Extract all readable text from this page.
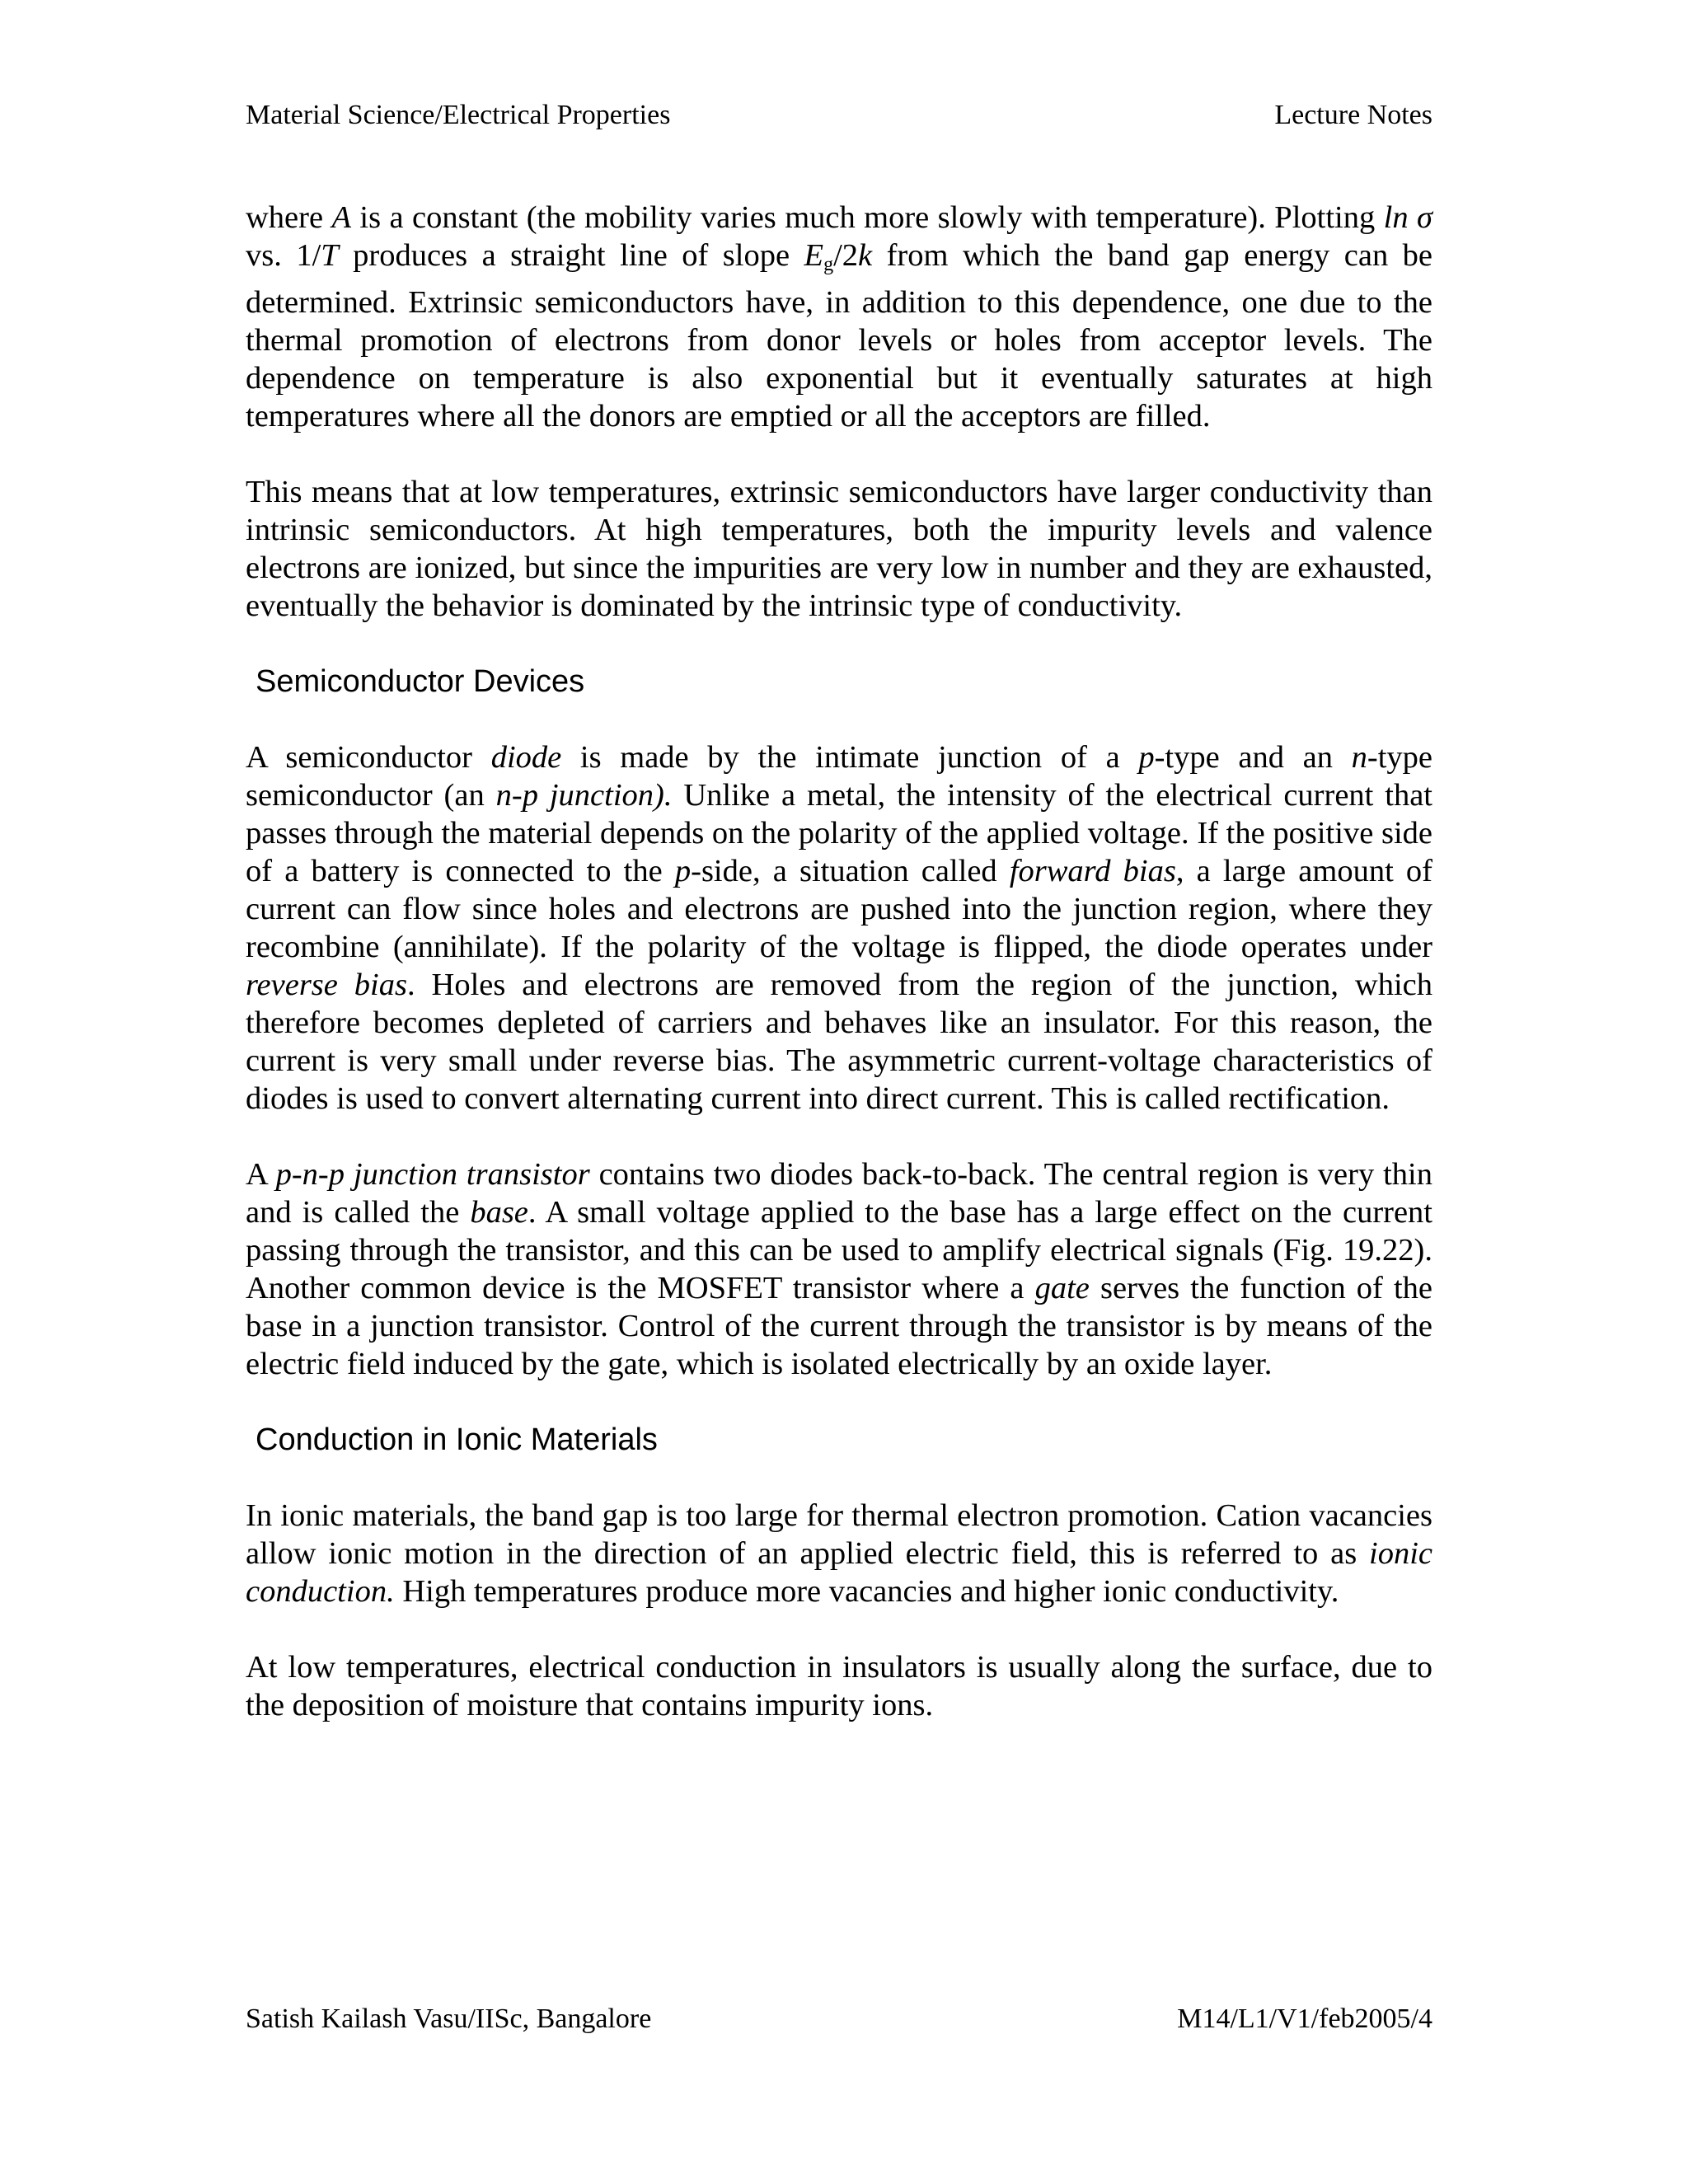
Material Science/Electrical Properties	Lecture Notes

where A is a constant (the mobility varies much more slowly with temperature). Plotting ln σ vs. 1/T produces a straight line of slope $E_g/2k$ from which the band gap energy can be determined. Extrinsic semiconductors have, in addition to this dependence, one due to the thermal promotion of electrons from donor levels or holes from acceptor levels. The dependence on temperature is also exponential but it eventually saturates at high temperatures where all the donors are emptied or all the acceptors are filled.

This means that at low temperatures, extrinsic semiconductors have larger conductivity than intrinsic semiconductors. At high temperatures, both the impurity levels and valence electrons are ionized, but since the impurities are very low in number and they are exhausted, eventually the behavior is dominated by the intrinsic type of conductivity.

Semiconductor Devices

A semiconductor diode is made by the intimate junction of a p-type and an n-type semiconductor (an n-p junction). Unlike a metal, the intensity of the electrical current that passes through the material depends on the polarity of the applied voltage. If the positive side of a battery is connected to the p-side, a situation called forward bias, a large amount of current can flow since holes and electrons are pushed into the junction region, where they recombine (annihilate). If the polarity of the voltage is flipped, the diode operates under reverse bias. Holes and electrons are removed from the region of the junction, which therefore becomes depleted of carriers and behaves like an insulator. For this reason, the current is very small under reverse bias. The asymmetric current-voltage characteristics of diodes is used to convert alternating current into direct current. This is called rectification.

A p-n-p junction transistor contains two diodes back-to-back. The central region is very thin and is called the base. A small voltage applied to the base has a large effect on the current passing through the transistor, and this can be used to amplify electrical signals (Fig. 19.22). Another common device is the MOSFET transistor where a gate serves the function of the base in a junction transistor. Control of the current through the transistor is by means of the electric field induced by the gate, which is isolated electrically by an oxide layer.

Conduction in Ionic Materials

In ionic materials, the band gap is too large for thermal electron promotion. Cation vacancies allow ionic motion in the direction of an applied electric field, this is referred to as ionic conduction. High temperatures produce more vacancies and higher ionic conductivity.

At low temperatures, electrical conduction in insulators is usually along the surface, due to the deposition of moisture that contains impurity ions.

Satish Kailash Vasu/IISc, Bangalore	M14/L1/V1/feb2005/4
